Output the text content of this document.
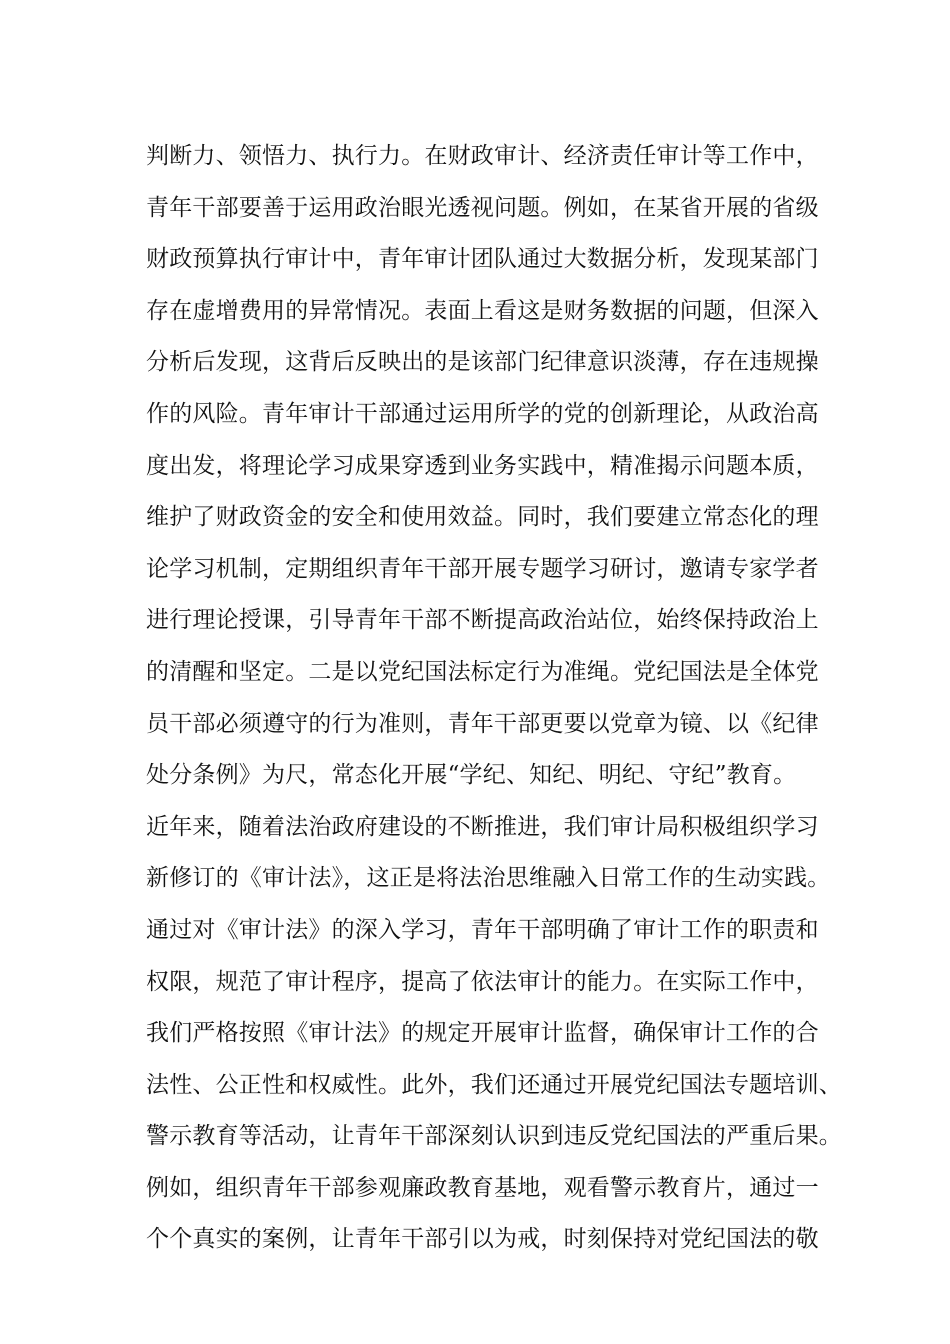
判断力、领悟力、执行力。在财政审计、经济责任审计等工作中，
青年干部要善于运用政治眼光透视问题。例如，在某省开展的省级
财政预算执行审计中，青年审计团队通过大数据分析，发现某部门
存在虚增费用的异常情况。表面上看这是财务数据的问题，但深入
分析后发现，这背后反映出的是该部门纪律意识淡薄，存在违规操
作的风险。青年审计干部通过运用所学的党的创新理论，从政治高
度出发，将理论学习成果穿透到业务实践中，精准揭示问题本质，
维护了财政资金的安全和使用效益。同时，我们要建立常态化的理
论学习机制，定期组织青年干部开展专题学习研讨，邀请专家学者
进行理论授课，引导青年干部不断提高政治站位，始终保持政治上
的清醒和坚定。二是以党纪国法标定行为准绳。党纪国法是全体党
员干部必须遵守的行为准则，青年干部更要以党章为镜、以《纪律
处分条例》为尺，常态化开展“学纪、知纪、明纪、守纪”教育。
近年来，随着法治政府建设的不断推进，我们审计局积极组织学习
新修订的《审计法》，这正是将法治思维融入日常工作的生动实践。
通过对《审计法》的深入学习，青年干部明确了审计工作的职责和
权限，规范了审计程序，提高了依法审计的能力。在实际工作中，
我们严格按照《审计法》的规定开展审计监督，确保审计工作的合
法性、公正性和权威性。此外，我们还通过开展党纪国法专题培训、
警示教育等活动，让青年干部深刻认识到违反党纪国法的严重后果。
例如，组织青年干部参观廉政教育基地，观看警示教育片，通过一
个个真实的案例，让青年干部引以为戒，时刻保持对党纪国法的敬
